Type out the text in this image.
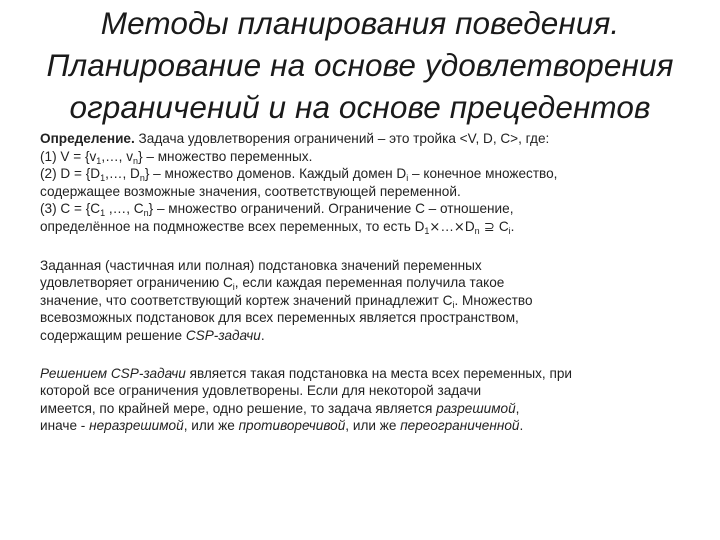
Методы планирования поведения.
Планирование на основе удовлетворения
ограничений и на основе прецедентов

Определение. Задача удовлетворения ограничений – это тройка <V, D, C>, где:

(1) $V = \{v_1,\dots$, $v_n$} – множество переменных.

(2) $D = \{D_1,\dots$, $D_n$} – множество доменов. Каждый домен $D_i$ – конечное множество,
содержащее возможные значения, соответствующей переменной.

(3) $C = \{C_1$ ,…, $C_n$} – множество ограничений. Ограничение C – отношение,
определённое на подмножестве всех переменных, то есть $D_1\times\dots\times D_n$ ⊇ $C_i$.

Заданная (частичная или полная) подстановка значений переменных
удовлетворяет ограничению $C_i$, если каждая переменная получила такое
значение, что соответствующий кортеж значений принадлежит $C_i$. Множество
всевозможных подстановок для всех переменных является пространством,
содержащим решение CSP-задачи.

Решением CSP-задачи является такая подстановка на места всех переменных, при
которой все ограничения удовлетворены. Если для некоторой задачи
имеется, по крайней мере, одно решение, то задача является разрешимой,
иначе - неразрешимой, или же противоречивой, или же переограниченной.
